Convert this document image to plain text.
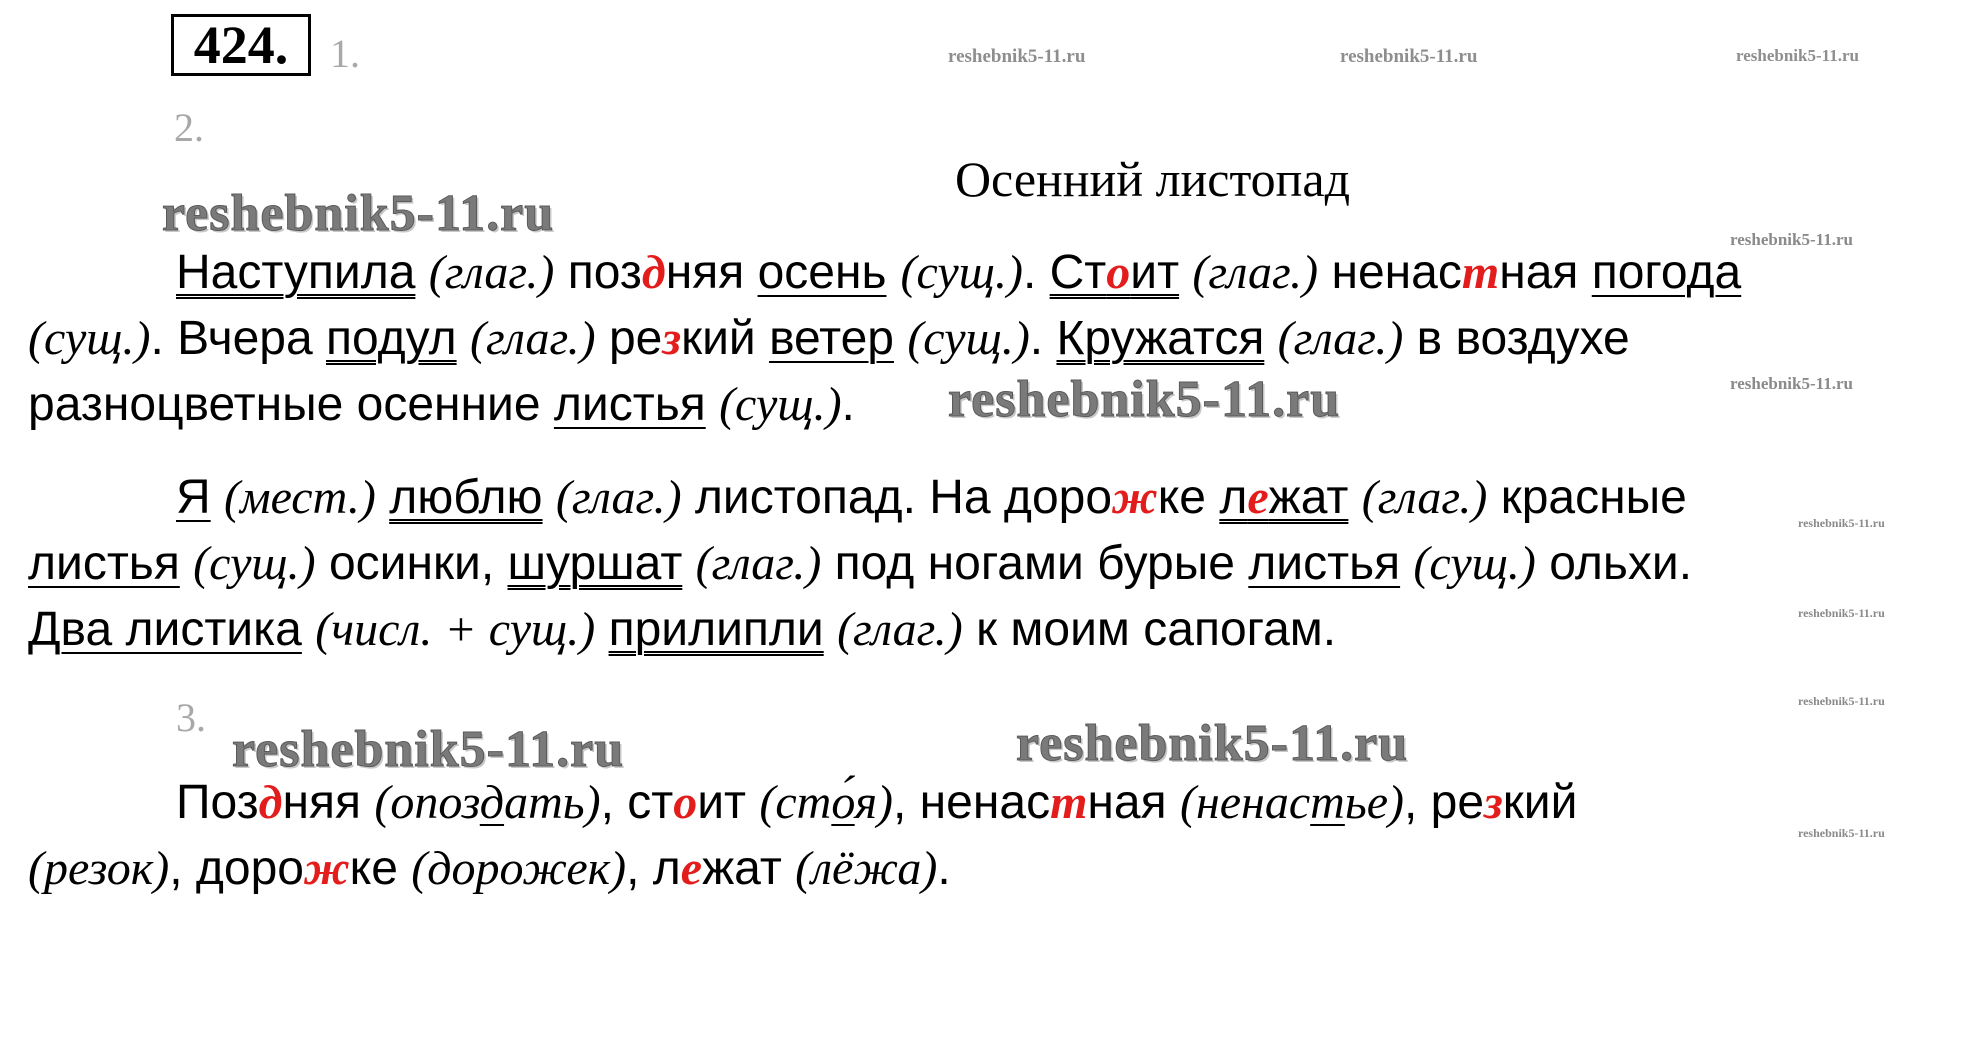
424.	1.
2.
3.
reshebnik5-11.ru	reshebnik5-11.ru	reshebnik5-11.ru
reshebnik5-11.ru	reshebnik5-11.ru
reshebnik5-11.ru
reshebnik5-11.ru
reshebnik5-11.ru
reshebnik5-11.ru
reshebnik5-11.ru
reshebnik5-11.ru	reshebnik5-11.ru
reshebnik5-11.ru
Осенний листопад
Наступила (глаг.) поздняя осень (сущ.). Стоит (глаг.) ненастная погода
(сущ.). Вчера подул (глаг.) резкий ветер (сущ.). Кружатся (глаг.) в воздухе
разноцветные осенние листья (сущ.).
Я (мест.) люблю (глаг.) листопад. На дорожке лежат (глаг.) красные
листья (сущ.) осинки, шуршат (глаг.) под ногами бурые листья (сущ.) ольхи.
Два листика (числ. + сущ.) прилипли (глаг.) к моим сапогам.
Поздняя (опоздать), стоит (сто́я), ненастная (ненастье), резкий
(резок), дорожке (дорожек), лежат (лёжа).
